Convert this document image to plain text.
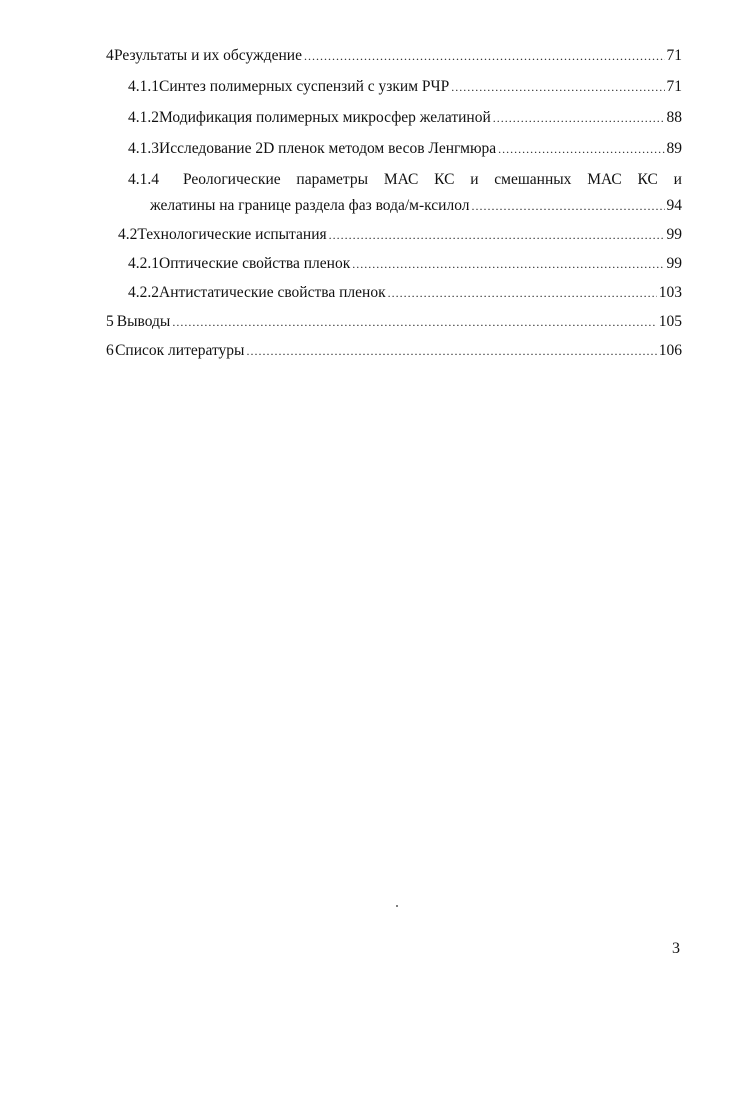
4 Результаты и их обсуждение .....	71
4.1.1 Синтез полимерных суспензий с узким РЧР .....	71
4.1.2 Модификация полимерных микросфер желатиной .....	88
4.1.3 Исследование 2D пленок методом весов Ленгмюра .....	89
4.1.4	Реологические параметры МАС КС и смешанных МАС КС и
желатины на границе раздела фаз вода/м-ксилол .....	94
4.2 Технологические испытания .....	99
4.2.1 Оптические свойства пленок .....	99
4.2.2 Антистатические свойства пленок .....	103
5 Выводы .....	105
6 Список литературы .....	106
3
